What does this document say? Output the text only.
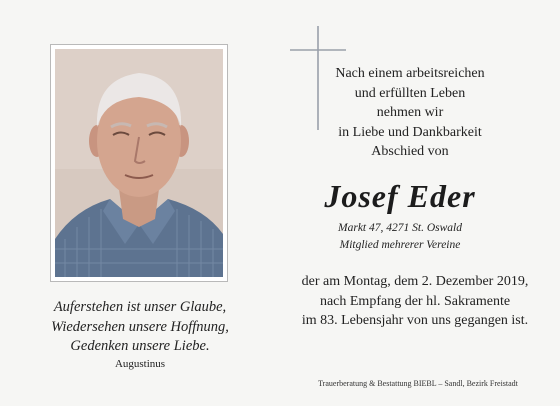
Auferstehen ist unser Glaube,
Wiedersehen unsere Hoffnung,
Gedenken unsere Liebe.
Augustinus
Nach einem arbeitsreichen
und erfüllten Leben
nehmen wir
in Liebe und Dankbarkeit
Abschied von
Josef Eder
Markt 47, 4271 St. Oswald
Mitglied mehrerer Vereine
der am Montag, dem 2. Dezember 2019,
nach Empfang der hl. Sakramente
im 83. Lebensjahr von uns gegangen ist.
Trauerberatung & Bestattung BIEBL – Sandl, Bezirk Freistadt
